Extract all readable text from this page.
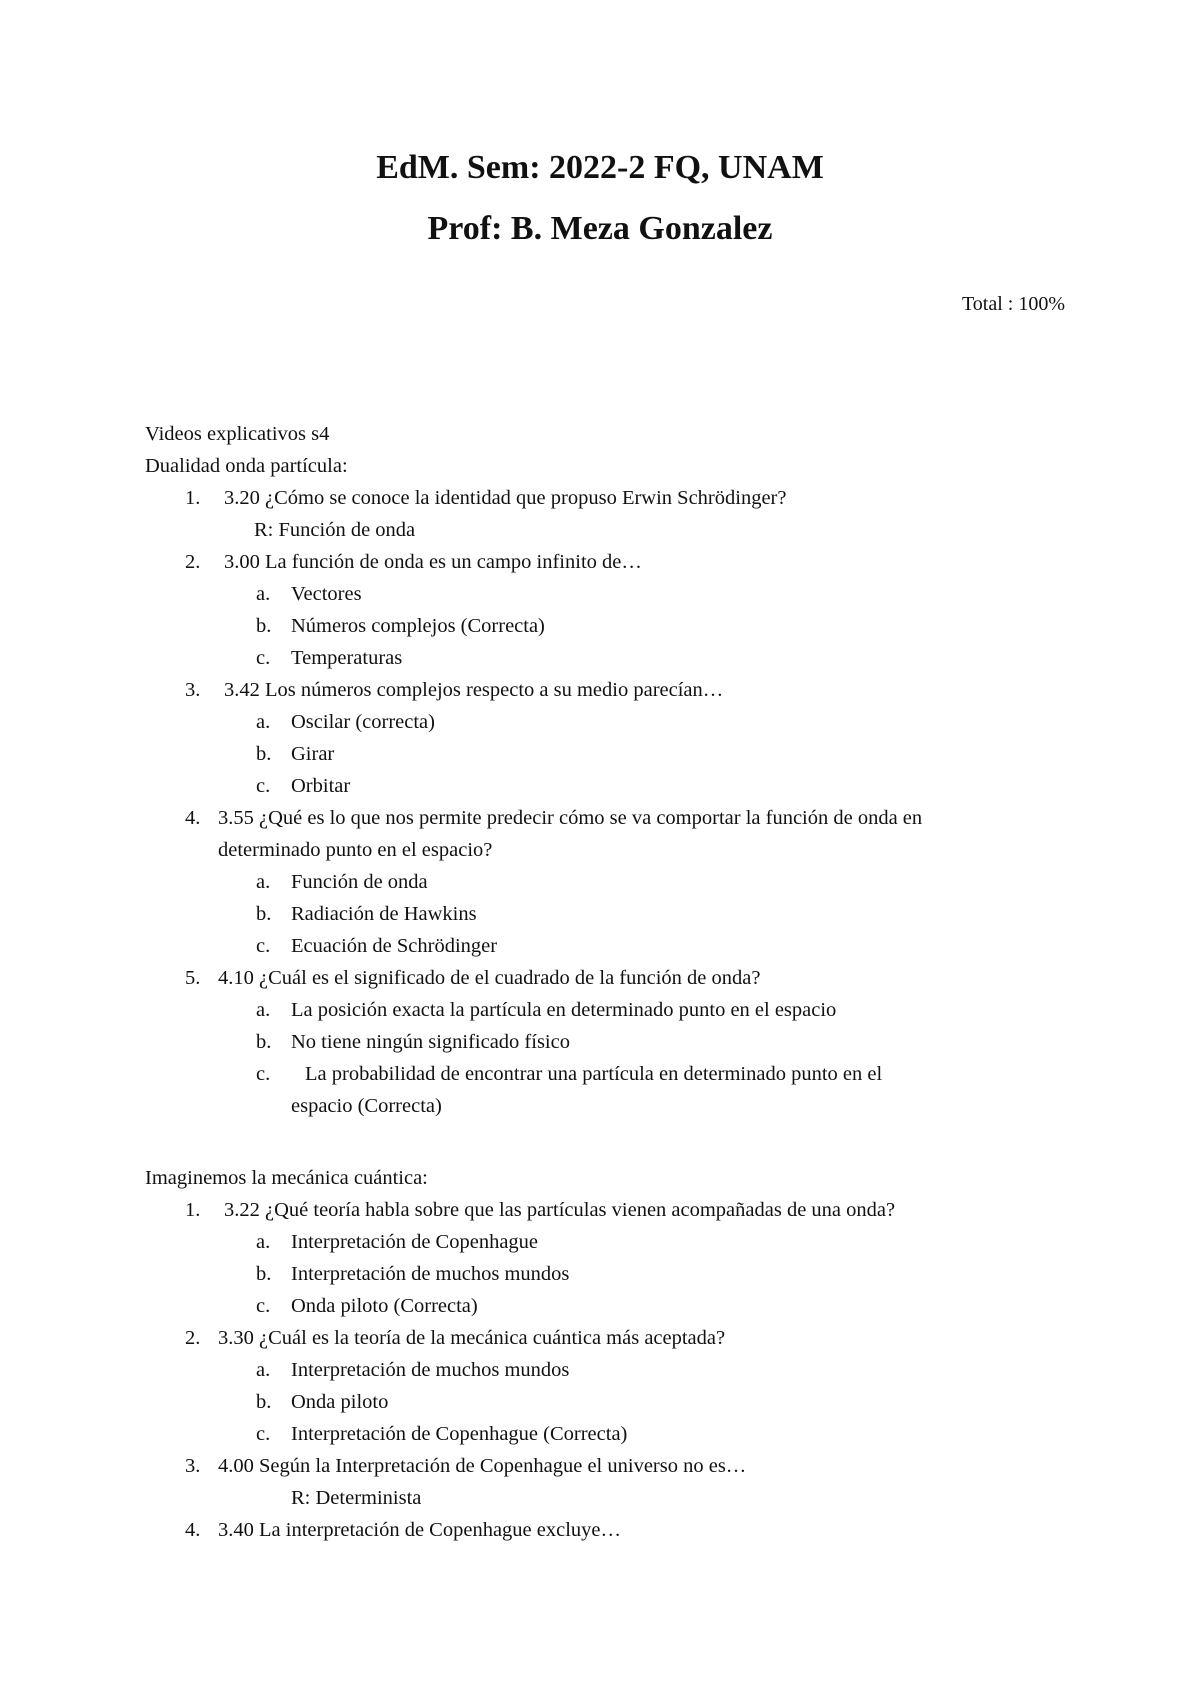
EdM. Sem: 2022-2 FQ, UNAM
Prof: B. Meza Gonzalez
Total : 100%
Videos explicativos s4
Dualidad onda partícula:
1.	3.20 ¿Cómo se conoce la identidad que propuso Erwin Schrödinger?
R: Función de onda
2.	3.00 La función de onda es un campo infinito de…
a.	Vectores
b. Números complejos (Correcta)
c.	Temperaturas
3.	3.42 Los números complejos respecto a su medio parecían…
a.	Oscilar (correcta)
b. Girar
c.	Orbitar
4. 3.55 ¿Qué es lo que nos permite predecir cómo se va comportar la función de onda en
determinado punto en el espacio?
a.	Función de onda
b. Radiación de Hawkins
c.	Ecuación de Schrödinger
5. 4.10 ¿Cuál es el significado de el cuadrado de la función de onda?
a.	La posición exacta la partícula en determinado punto en el espacio
b. No tiene ningún significado físico
c.	La probabilidad de encontrar una partícula en determinado punto en el
espacio (Correcta)
Imaginemos la mecánica cuántica:
1.	3.22 ¿Qué teoría habla sobre que las partículas vienen acompañadas de una onda?
a.	Interpretación de Copenhague
b. Interpretación de muchos mundos
c.	Onda piloto (Correcta)
2. 3.30 ¿Cuál es la teoría de la mecánica cuántica más aceptada?
a.	Interpretación de muchos mundos
b. Onda piloto
c.	Interpretación de Copenhague (Correcta)
3. 4.00 Según la Interpretación de Copenhague el universo no es…
R: Determinista
4. 3.40 La interpretación de Copenhague excluye…
